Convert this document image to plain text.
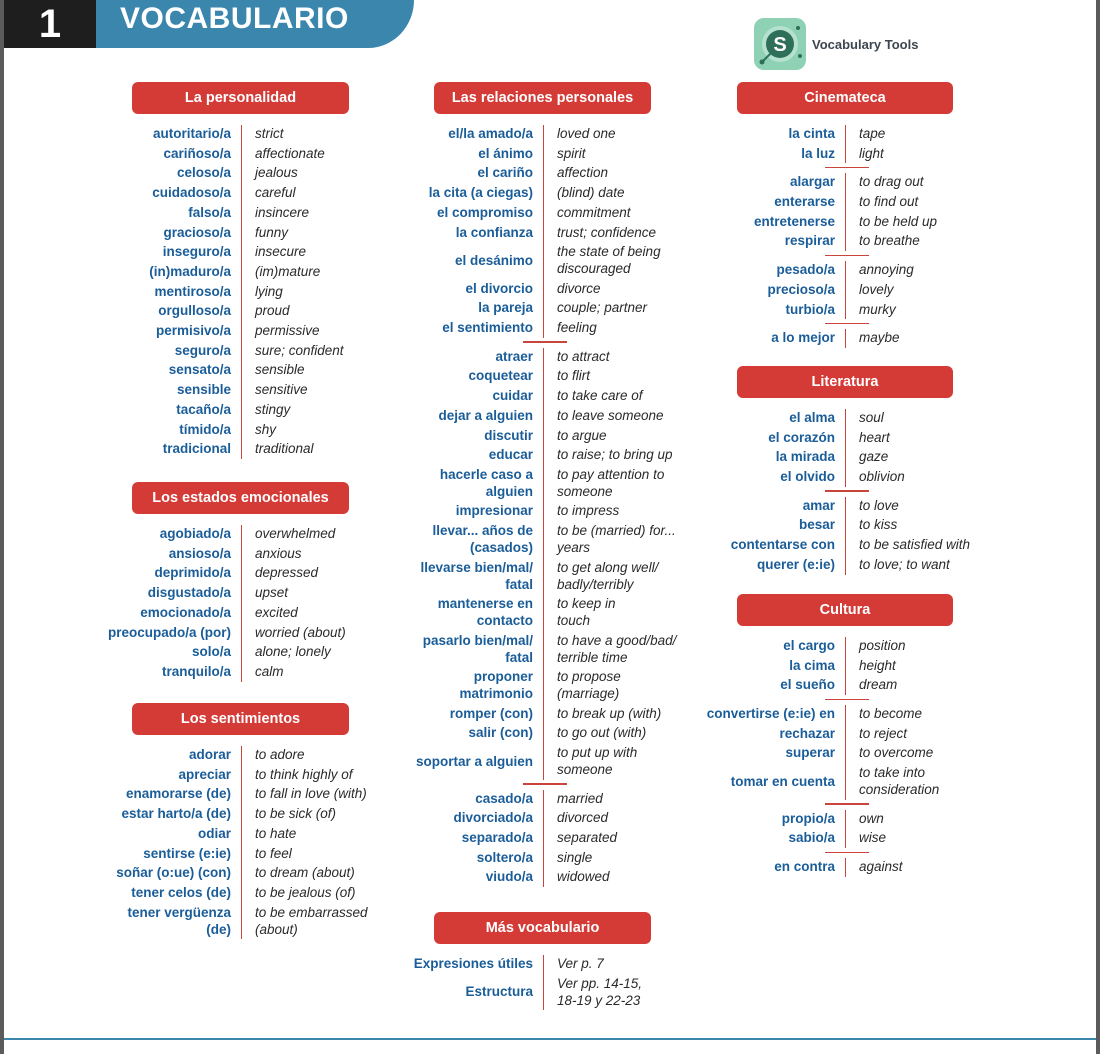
1	VOCABULARIO
S Vocabulary Tools
La personalidad
autoritario/a strict
cariñoso/a affectionate
celoso/a jealous
cuidadoso/a careful
falso/a insincere
gracioso/a funny
inseguro/a insecure
(in)maduro/a (im)mature
mentiroso/a lying
orgulloso/a proud
permisivo/a permissive
seguro/a sure; confident
sensato/a sensible
sensible sensitive
tacaño/a stingy
tímido/a shy
tradicional traditional
Los estados emocionales
agobiado/a overwhelmed
ansioso/a anxious
deprimido/a depressed
disgustado/a upset
emocionado/a excited
preocupado/a (por) worried (about)
solo/a alone; lonely
tranquilo/a calm
Los sentimientos
adorar to adore
apreciar to think highly of
enamorarse (de) to fall in love (with)
estar harto/a (de) to be sick (of)
odiar to hate
sentirse (e:ie) to feel
soñar (o:ue) (con) to dream (about)
tener celos (de) to be jealous (of)
tener vergüenza
(de)
to be embarrassed
(about)
Las relaciones personales
el/la amado/a loved one
el ánimo spirit
el cariño affection
la cita (a ciegas) (blind) date
el compromiso commitment
la confianza trust; confidence
el desánimo
the state of being
discouraged
el divorcio divorce
la pareja couple; partner
el sentimiento feeling
atraer to attract
coquetear to flirt
cuidar to take care of
dejar a alguien to leave someone
discutir to argue
educar to raise; to bring up
hacerle caso a
alguien
to pay attention to
someone
impresionar to impress
llevar... años de
(casados)
to be (married) for...
years
llevarse bien/mal/
fatal
to get along well/
badly/terribly
mantenerse en
contacto
to keep in
touch
pasarlo bien/mal/
fatal
to have a good/bad/
terrible time
proponer
matrimonio
to propose
(marriage)
romper (con) to break up (with)
salir (con) to go out (with)
soportar a alguien
to put up with
someone
casado/a married
divorciado/a divorced
separado/a separated
soltero/a single
viudo/a widowed
Más vocabulario
Expresiones útiles Ver p. 7
Estructura
Ver pp. 14-15,
18-19 y 22-23
Cinemateca
la cinta tape
la luz light
alargar to drag out
enterarse to find out
entretenerse to be held up
respirar to breathe
pesado/a annoying
precioso/a lovely
turbio/a murky
a lo mejor maybe
Literatura
el alma soul
el corazón heart
la mirada gaze
el olvido oblivion
amar to love
besar to kiss
contentarse con to be satisfied with
querer (e:ie) to love; to want
Cultura
el cargo position
la cima height
el sueño dream
convertirse (e:ie) en to become
rechazar to reject
superar to overcome
tomar en cuenta
to take into
consideration
propio/a own
sabio/a wise
en contra against
